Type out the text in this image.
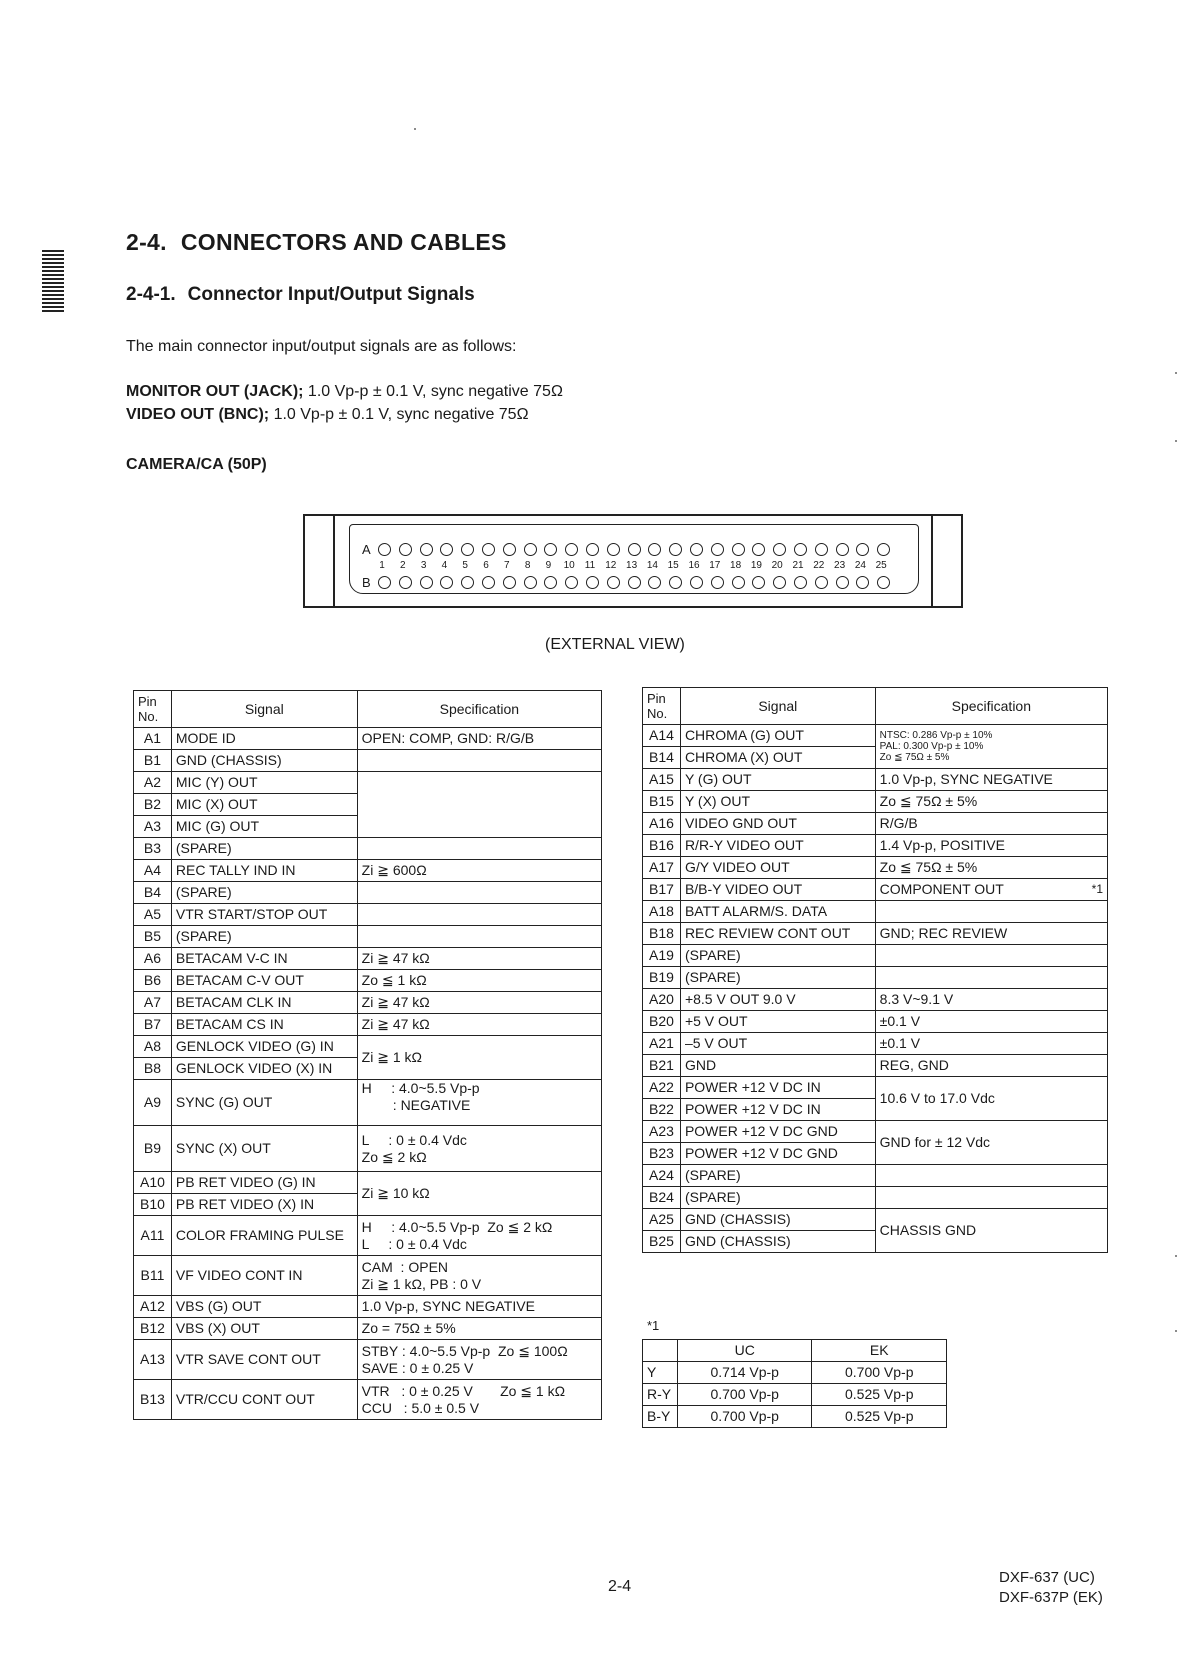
2-4. CONNECTORS AND CABLES
2-4-1. Connector Input/Output Signals
The main connector input/output signals are as follows:
MONITOR OUT (JACK); 1.0 Vp-p ± 0.1 V, sync negative 75Ω
VIDEO OUT (BNC); 1.0 Vp-p ± 0.1 V, sync negative 75Ω
CAMERA/CA (50P)
A
1	2	3	4	5	6	7	8	9	10	11	12 13 14 15 16 17 18 19 20 21 22 23 24 25
B
(EXTERNAL VIEW)
Pin No.	Signal	Specification
A1	MODE ID	OPEN: COMP, GND: R/G/B
B1	GND (CHASSIS)	
A2	MIC (Y) OUT	
B2	MIC (X) OUT	
A3	MIC (G) OUT	
B3	(SPARE)	
A4	REC TALLY IND IN	Zi ≧ 600Ω
B4	(SPARE)	
A5	VTR START/STOP OUT	
B5	(SPARE)	
A6	BETACAM V-C IN	Zi ≧ 47 kΩ
B6	BETACAM C-V OUT	Zo ≦ 1 kΩ
A7	BETACAM CLK IN	Zi ≧ 47 kΩ
B7	BETACAM CS IN	Zi ≧ 47 kΩ
A8	GENLOCK VIDEO (G) IN	Zi ≧ 1 kΩ
B8	GENLOCK VIDEO (X) IN	
A9	SYNC (G) OUT	H     : 4.0~5.5 Vp-p
: NEGATIVE

B9	SYNC (X) OUT	L     : 0 ± 0.4 Vdc
Zo ≦ 2 kΩ

A10	PB RET VIDEO (G) IN	Zi ≧ 10 kΩ
B10	PB RET VIDEO (X) IN	
A11	COLOR FRAMING PULSE	H     : 4.0~5.5 Vp-p  Zo ≦ 2 kΩ
L     : 0 ± 0.4 Vdc

B11	VF VIDEO CONT IN	CAM  : OPEN
Zi ≧ 1 kΩ, PB : 0 V

A12	VBS (G) OUT	1.0 Vp-p, SYNC NEGATIVE
B12	VBS (X) OUT	Zo = 75Ω ± 5%
A13	VTR SAVE CONT OUT	STBY : 4.0~5.5 Vp-p  Zo ≦ 100Ω
SAVE : 0 ± 0.25 V

B13	VTR/CCU CONT OUT	VTR   : 0 ± 0.25 V       Zo ≦ 1 kΩ
CCU   : 5.0 ± 0.5 V
Pin No.	Signal	Specification
A14	CHROMA (G) OUT	NTSC: 0.286 Vp-p ± 10%
PAL: 0.300 Vp-p ± 10%
Zo ≦ 75Ω ± 5%

B14	CHROMA (X) OUT	
A15	Y (G) OUT	1.0 Vp-p, SYNC NEGATIVE
B15	Y (X) OUT	Zo ≦ 75Ω ± 5%
A16	VIDEO GND OUT	R/G/B
B16	R/R-Y VIDEO OUT	1.4 Vp-p, POSITIVE
A17	G/Y VIDEO OUT	Zo ≦ 75Ω ± 5%
B17	B/B-Y VIDEO OUT	COMPONENT OUT *1

A18	BATT ALARM/S. DATA	
B18	REC REVIEW CONT OUT	GND; REC REVIEW
A19	(SPARE)	
B19	(SPARE)	
A20	+8.5 V OUT 9.0 V	8.3 V~9.1 V
B20	+5 V OUT	±0.1 V
A21	–5 V OUT	±0.1 V
B21	GND	REG, GND
A22	POWER +12 V DC IN	10.6 V to 17.0 Vdc
B22	POWER +12 V DC IN	
A23	POWER +12 V DC GND	GND for ± 12 Vdc
B23	POWER +12 V DC GND	
A24	(SPARE)	
B24	(SPARE)	
A25	GND (CHASSIS)	CHASSIS GND
B25	GND (CHASSIS)	
*1
	UC	EK
Y	0.714 Vp-p	0.700 Vp-p
R-Y	0.700 Vp-p	0.525 Vp-p
B-Y	0.700 Vp-p	0.525 Vp-p
2-4
DXF-637 (UC)
DXF-637P (EK)
